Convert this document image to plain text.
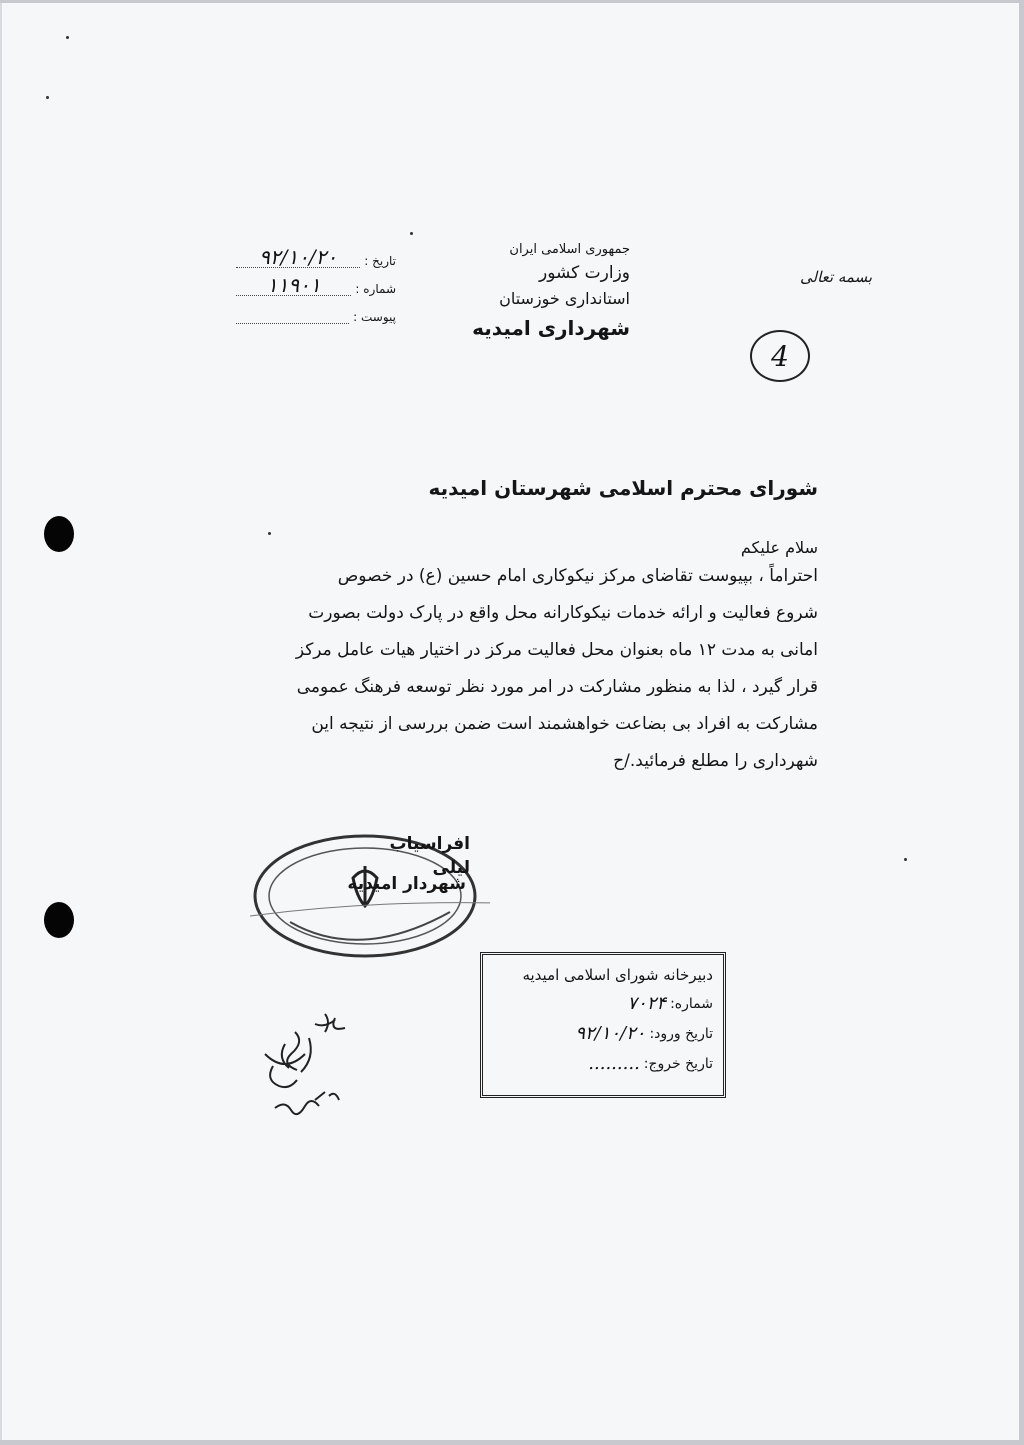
جمهوری اسلامی ایران
وزارت کشور
استانداری خوزستان
شهرداری امیدیه
بسمه تعالی
تاریخ :
۹۲/۱۰/۲۰
شماره :
۱۱۹۰۱
پیوست :
4
شورای محترم اسلامی شهرستان امیدیه
سلام علیکم
احتراماً ، بپیوست تقاضای مرکز نیکوکاری امام حسین (ع) در خصوص
شروع فعالیت و ارائه خدمات نیکوکارانه محل واقع در پارک دولت بصورت
امانی به مدت ۱۲ ماه بعنوان محل فعالیت مرکز در اختیار هیات عامل مرکز
قرار گیرد ، لذا به منظور مشارکت در امر مورد نظر توسعه فرهنگ عمومی
مشارکت به افراد بی بضاعت خواهشمند است ضمن بررسی از نتیجه این
شهرداری را مطلع فرمائید./ح
افراسیاب لیلی
شهردار امیدیه
دبیرخانه شورای اسلامی امیدیه
شماره:
۷۰۲۴
تاریخ ورود:
۹۲/۱۰/۲۰
تاریخ خروج:
.........
